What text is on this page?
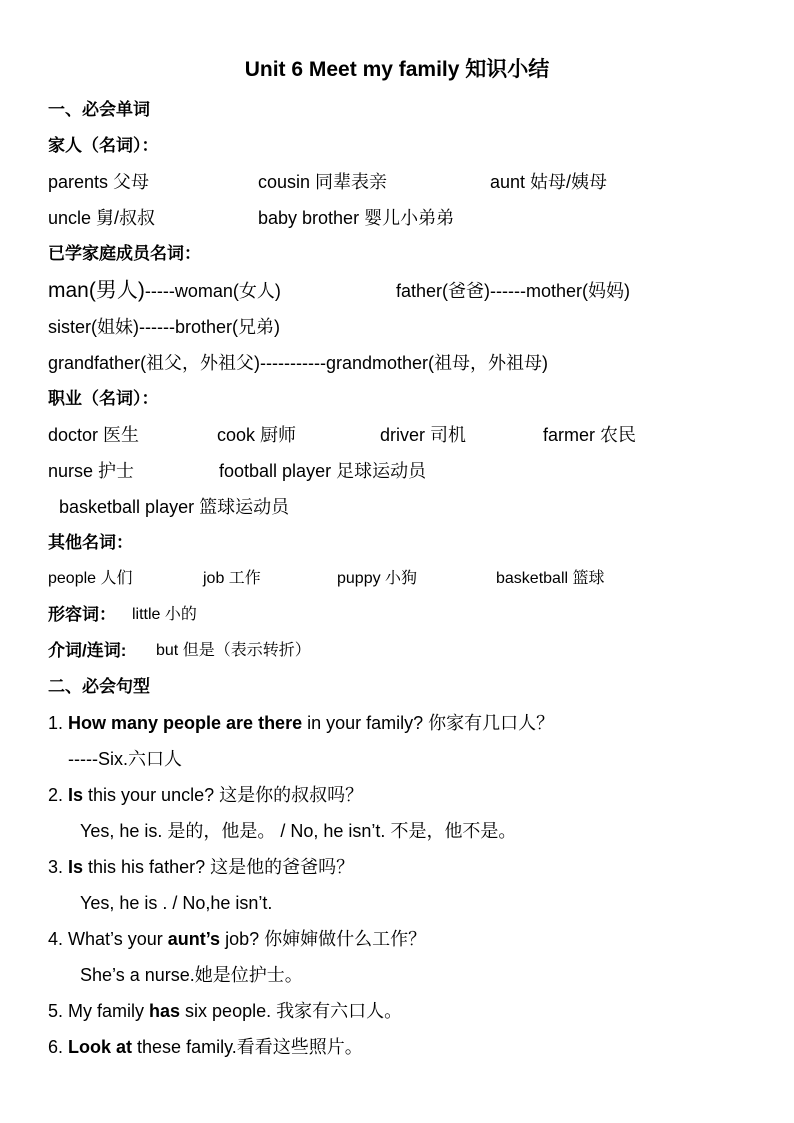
Unit 6 Meet my family 知识小结
一、必会单词
家人（名词）：
parents 父母	cousin 同辈表亲	aunt 姑母/姨母
uncle 舅/叔叔	baby brother 婴儿小弟弟
已学家庭成员名词：
man(男人)-----woman(女人)	father(爸爸)------mother(妈妈)
sister(姐妹)------brother(兄弟)
grandfather(祖父，外祖父)-----------grandmother(祖母，外祖母)
职业（名词）：
doctor 医生	cook 厨师	driver 司机	farmer 农民
nurse 护士	football player 足球运动员
basketball player 篮球运动员
其他名词：
people 人们	job 工作	puppy 小狗	basketball 篮球
形容词： little 小的
介词/连词: but 但是（表示转折）
二、必会句型
1. How many people are there in your family? 你家有几口人？
-----Six.六口人
2. Is this your uncle? 这是你的叔叔吗？
Yes, he is. 是的，他是。 / No, he isn’t. 不是，他不是。
3. Is this his father? 这是他的爸爸吗？
Yes, he is . / No,he isn’t.
4. What’s your aunt’s job? 你婶婶做什么工作？
She’s a nurse.她是位护士。
5. My family has six people. 我家有六口人。
6. Look at these family.看看这些照片。
